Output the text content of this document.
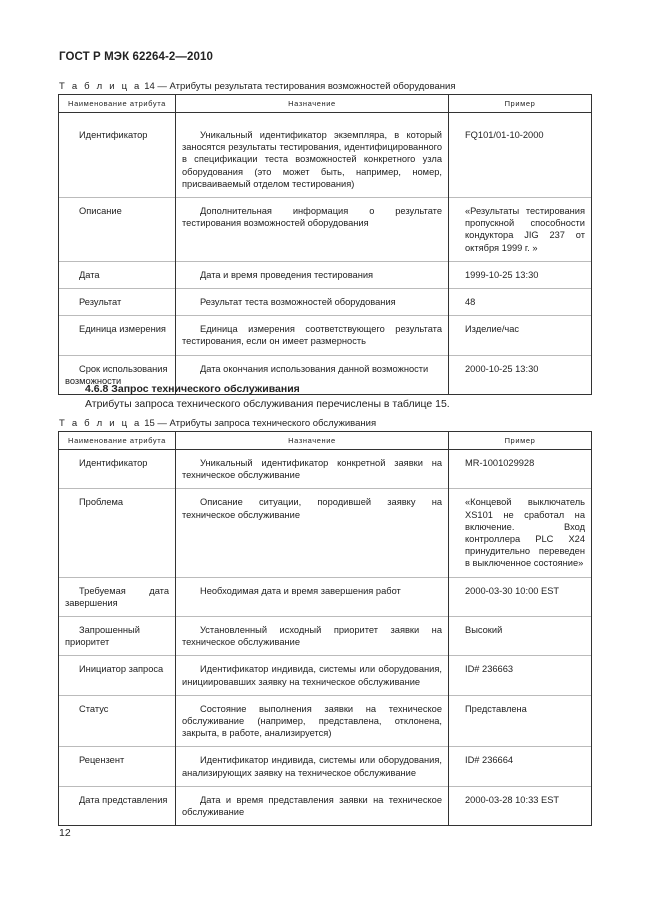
ГОСТ Р МЭК 62264-2—2010
Т а б л и ц а 14 — Атрибуты результата тестирования возможностей оборудования
Наименование атрибута	Назначение	Пример
Идентификатор	Уникальный идентификатор экземпляра, в который заносятся результаты тестирования, идентифицированного в спецификации теста возможностей конкретного узла оборудования (это может быть, например, номер, присваиваемый отделом тестирования)	FQ101/01-10-2000
Описание	Дополнительная информация о результате тестирования возможностей оборудования	«Результаты тестирования пропускной способности кондуктора JIG 237 от октября 1999 г. »
Дата	Дата и время проведения тестирования	1999-10-25 13:30
Результат	Результат теста возможностей оборудования	48
Единица измерения	Единица измерения соответствующего результата тестирования, если он имеет размерность	Изделие/час
Срок использования возможности	Дата окончания использования данной возможности	2000-10-25 13:30
4.6.8 Запрос технического обслуживания
Атрибуты запроса технического обслуживания перечислены в таблице 15.
Т а б л и ц а 15 — Атрибуты запроса технического обслуживания
Наименование атрибута	Назначение	Пример
Идентификатор	Уникальный идентификатор конкретной заявки на техническое обслуживание	MR-1001029928
Проблема	Описание ситуации, породившей заявку на техническое обслуживание	«Концевой выключатель XS101 не сработал на включение. Вход контроллера PLC X24 принудительно переведен в выключенное состояние»
Требуемая дата завершения	Необходимая дата и время завершения работ	2000-03-30 10:00 EST
Запрошенный приоритет	Установленный исходный приоритет заявки на техническое обслуживание	Высокий
Инициатор запроса	Идентификатор индивида, системы или оборудования, инициировавших заявку на техническое обслуживание	ID# 236663
Статус	Состояние выполнения заявки на техническое обслуживание (например, представлена, отклонена, закрыта, в работе, анализируется)	Представлена
Рецензент	Идентификатор индивида, системы или оборудования, анализирующих заявку на техническое обслуживание	ID# 236664
Дата представления	Дата и время представления заявки на техническое обслуживание	2000-03-28 10:33 EST
12
